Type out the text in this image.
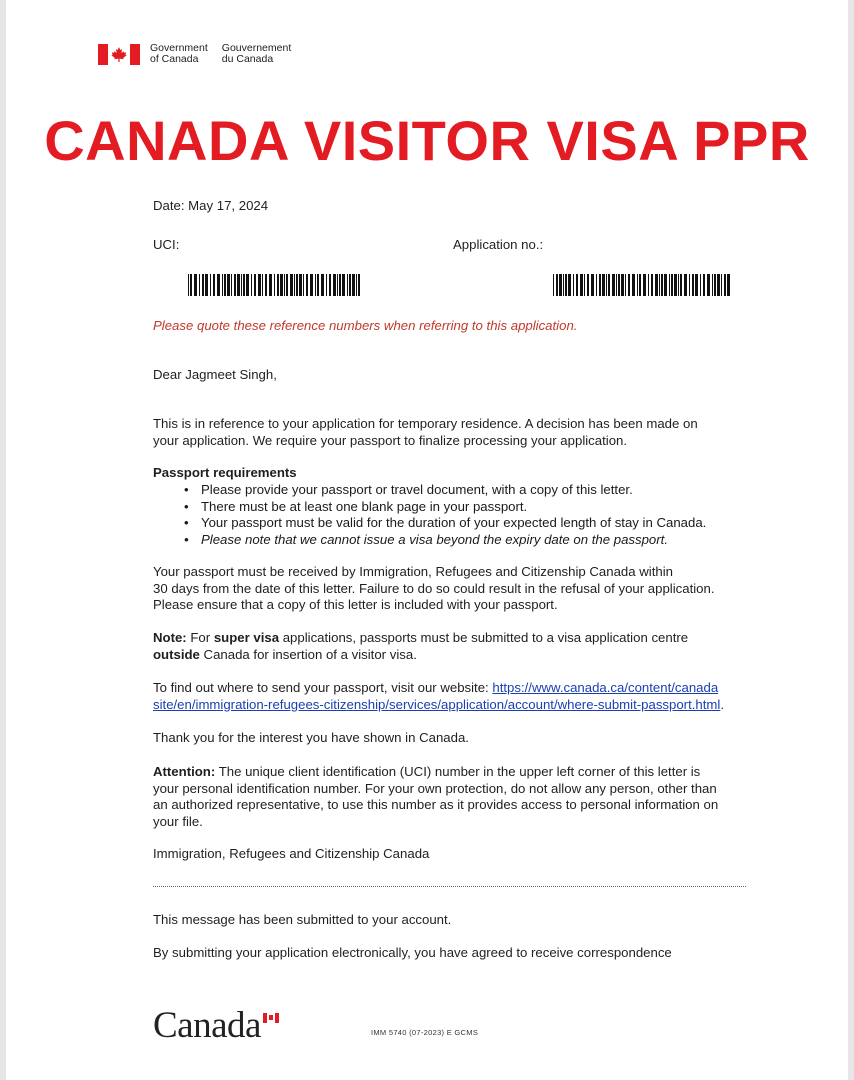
Government
of Canada
Gouvernement
du Canada
CANADA VISITOR VISA PPR
Date: May 17, 2024
UCI:	Application no.:
Please quote these reference numbers when referring to this application.
Dear Jagmeet Singh,
This is in reference to your application for temporary residence. A decision has been made on
your application. We require your passport to finalize processing your application.
Passport requirements
• Please provide your passport or travel document, with a copy of this letter.
• There must be at least one blank page in your passport.
• Your passport must be valid for the duration of your expected length of stay in Canada.
• Please note that we cannot issue a visa beyond the expiry date on the passport.
Your passport must be received by Immigration, Refugees and Citizenship Canada within
30 days from the date of this letter. Failure to do so could result in the refusal of your application.
Please ensure that a copy of this letter is included with your passport.
Note: For super visa applications, passports must be submitted to a visa application centre
outside Canada for insertion of a visitor visa.
To find out where to send your passport, visit our website: https://www.canada.ca/content/canada
site/en/immigration-refugees-citizenship/services/application/account/where-submit-passport.html.
Thank you for the interest you have shown in Canada.
Attention: The unique client identification (UCI) number in the upper left corner of this letter is
your personal identification number. For your own protection, do not allow any person, other than
an authorized representative, to use this number as it provides access to personal information on
your file.
Immigration, Refugees and Citizenship Canada
This message has been submitted to your account.
By submitting your application electronically, you have agreed to receive correspondence
Canada	IMM 5740 (07-2023) E GCMS
